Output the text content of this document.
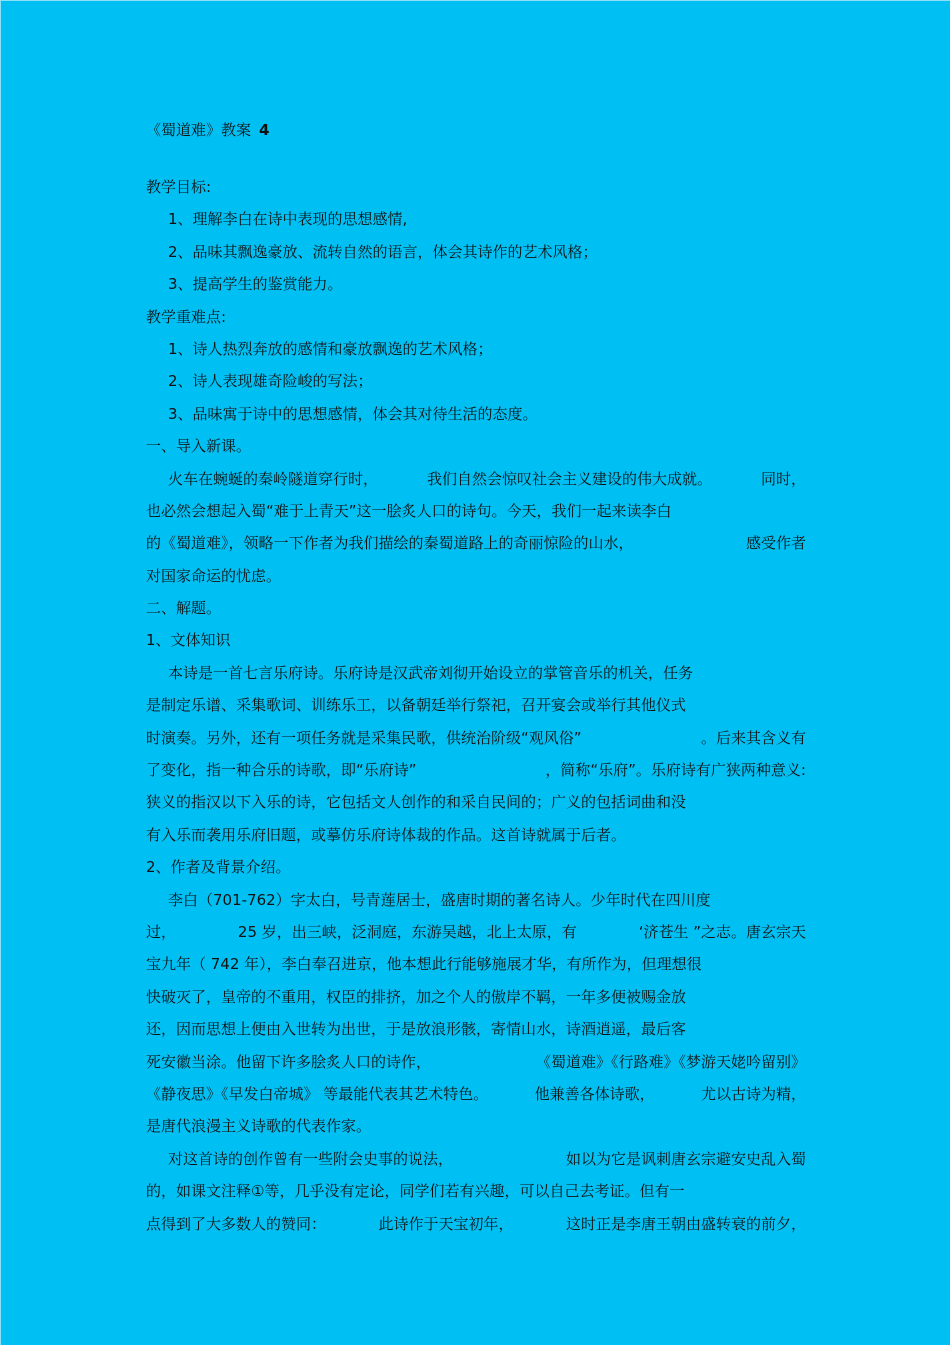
《蜀道难》教案 4

教学目标:

1、理解李白在诗中表现的思想感情,

2、品味其飘逸豪放、流转自然的语言，体会其诗作的艺术风格；

3、提高学生的鉴赏能力。

教学重难点:

1、诗人热烈奔放的感情和豪放飘逸的艺术风格；

2、诗人表现雄奇险峻的写法；

3、品味寓于诗中的思想感情，体会其对待生活的态度。

一、导入新课。

火车在蜿蜒的秦岭隧道穿行时，	我们自然会惊叹社会主义建设的伟大成就。	同时，

也必然会想起入蜀“难于上青天”这一脍炙人口的诗句。今天，我们一起来读李白

的《蜀道难》，领略一下作者为我们描绘的秦蜀道路上的奇丽惊险的山水，	感受作者

对国家命运的忧虑。

二、解题。

1、文体知识

本诗是一首七言乐府诗。乐府诗是汉武帝刘彻开始设立的掌管音乐的机关，任务

是制定乐谱、采集歌词、训练乐工，以备朝廷举行祭祀，召开宴会或举行其他仪式

时演奏。另外，还有一项任务就是采集民歌，供统治阶级“观风俗”	。后来其含义有

了变化，指一种合乐的诗歌，即“乐府诗”	，简称“乐府”。乐府诗有广狭两种意义:

狭义的指汉以下入乐的诗，它包括文人创作的和采自民间的；广义的包括词曲和没

有入乐而袭用乐府旧题，或摹仿乐府诗体裁的作品。这首诗就属于后者。

2、作者及背景介绍。

李白（701-762）字太白，号青莲居士，盛唐时期的著名诗人。少年时代在四川度

过，	25 岁，出三峡，泛洞庭，东游吴越，北上太原，有	‘济苍生 ”之志。唐玄宗天

宝九年（ 742 年），李白奉召进京，他本想此行能够施展才华，有所作为，但理想很

快破灭了，皇帝的不重用，权臣的排挤，加之个人的傲岸不羁，一年多便被赐金放

还，因而思想上便由入世转为出世，于是放浪形骸，寄情山水，诗酒逍遥，最后客

死安徽当涂。他留下许多脍炙人口的诗作，	《蜀道难》《行路难》《梦游天姥吟留别》

《静夜思》《早发白帝城》 等最能代表其艺术特色。	他兼善各体诗歌，	尤以古诗为精，

是唐代浪漫主义诗歌的代表作家。

对这首诗的创作曾有一些附会史事的说法，	如以为它是讽刺唐玄宗避安史乱入蜀

的，如课文注释①等，几乎没有定论，同学们若有兴趣，可以自己去考证。但有一

点得到了大多数人的赞同：	此诗作于天宝初年，	这时正是李唐王朝由盛转衰的前夕，
